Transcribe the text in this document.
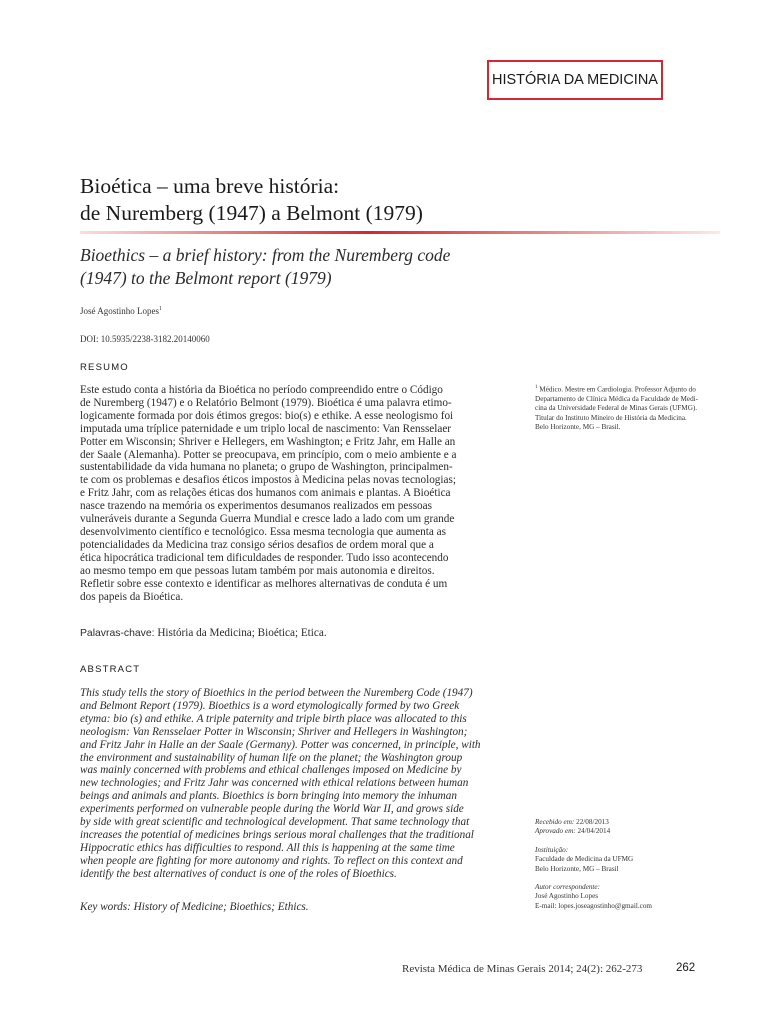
HISTÓRIA DA MEDICINA
Bioética – uma breve história:
de Nuremberg (1947) a Belmont (1979)
Bioethics – a brief history: from the Nuremberg code
(1947) to the Belmont report (1979)
José Agostinho Lopes$^1$
DOI: 10.5935/2238-3182.20140060
RESUMO
Este estudo conta a história da Bioética no período compreendido entre o Código
de Nuremberg (1947) e o Relatório Belmont (1979). Bioética é uma palavra etimo-
logicamente formada por dois étimos gregos: bio(s) e ethike. A esse neologismo foi
imputada uma tríplice paternidade e um triplo local de nascimento: Van Rensselaer
Potter em Wisconsin; Shriver e Hellegers, em Washington; e Fritz Jahr, em Halle an
der Saale (Alemanha). Potter se preocupava, em princípio, com o meio ambiente e a
sustentabilidade da vida humana no planeta; o grupo de Washington, principalmen-
te com os problemas e desafios éticos impostos à Medicina pelas novas tecnologias;
e Fritz Jahr, com as relações éticas dos humanos com animais e plantas. A Bioética
nasce trazendo na memória os experimentos desumanos realizados em pessoas
vulneráveis durante a Segunda Guerra Mundial e cresce lado a lado com um grande
desenvolvimento científico e tecnológico. Essa mesma tecnologia que aumenta as
potencialidades da Medicina traz consigo sérios desafios de ordem moral que a
ética hipocrática tradicional tem dificuldades de responder. Tudo isso acontecendo
ao mesmo tempo em que pessoas lutam também por mais autonomia e direitos.
Refletir sobre esse contexto e identificar as melhores alternativas de conduta é um
dos papeis da Bioética.
Palavras-chave: História da Medicina; Bioética; Etica.
ABSTRACT
This study tells the story of Bioethics in the period between the Nuremberg Code (1947)
and Belmont Report (1979). Bioethics is a word etymologically formed by two Greek
etyma: bio (s) and ethike. A triple paternity and triple birth place was allocated to this
neologism: Van Rensselaer Potter in Wisconsin; Shriver and Hellegers in Washington;
and Fritz Jahr in Halle an der Saale (Germany). Potter was concerned, in principle, with
the environment and sustainability of human life on the planet; the Washington group
was mainly concerned with problems and ethical challenges imposed on Medicine by
new technologies; and Fritz Jahr was concerned with ethical relations between human
beings and animals and plants. Bioethics is born bringing into memory the inhuman
experiments performed on vulnerable people during the World War II, and grows side
by side with great scientific and technological development. That same technology that
increases the potential of medicines brings serious moral challenges that the traditional
Hippocratic ethics has difficulties to respond. All this is happening at the same time
when people are fighting for more autonomy and rights. To reflect on this context and
identify the best alternatives of conduct is one of the roles of Bioethics.
Key words: History of Medicine; Bioethics; Ethics.
$^1$ Médico. Mestre em Cardiologia. Professor Adjunto do
Departamento de Clínica Médica da Faculdade de Medi-
cina da Universidade Federal de Minas Gerais (UFMG).
Titular do Instituto Mineiro de História da Medicina.
Belo Horizonte, MG – Brasil.
Recebido em: 22/08/2013
Aprovado em: 24/04/2014
Instituição:
Faculdade de Medicina da UFMG
Belo Horizonte, MG – Brasil
Autor correspondente:
José Agostinho Lopes
E-mail: lopes.joseagostinho@gmail.com
Revista Médica de Minas Gerais 2014; 24(2): 262-273	262
